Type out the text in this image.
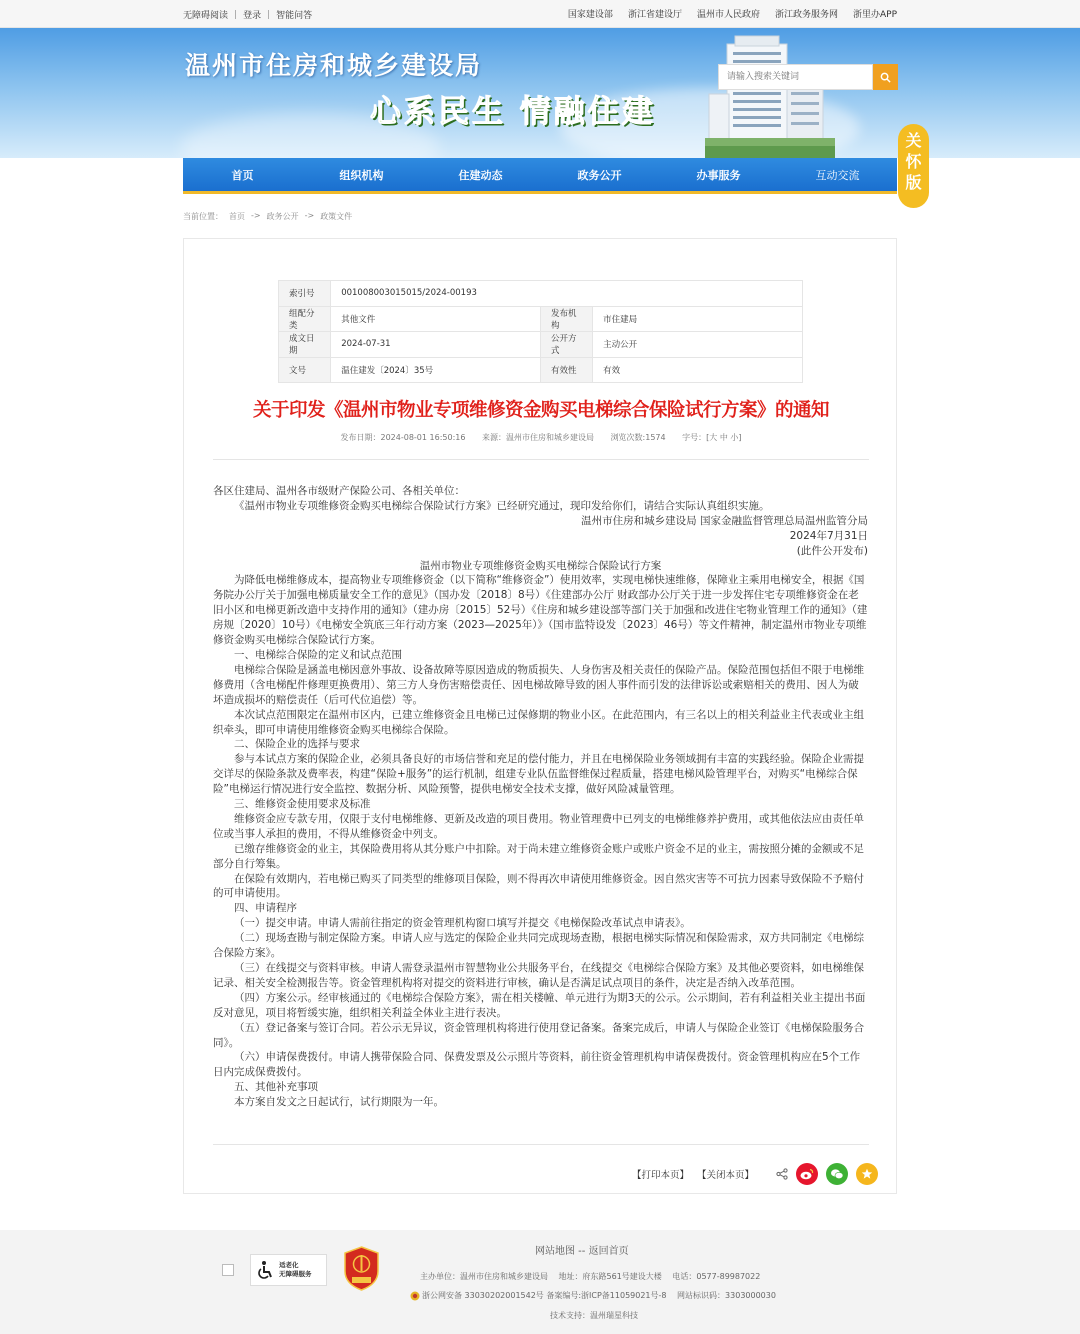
无障碍阅读 | 登录 | 智能问答	国家建设部 浙江省建设厅 温州市人民政府 浙江政务服务网 浙里办APP
温州市住房和城乡建设局
心系民生 情融住建
请输入搜索关键词
首页	组织机构	住建动态	政务公开	办事服务	互动交流
关怀版
当前位置： 首页 -> 政务公开 -> 政策文件
索引号	001008003015015/2024-00193		
组配分类	其他文件	发布机构	市住建局
成文日期	2024-07-31	公开方式	主动公开
文号	温住建发〔2024〕35号	有效性	有效
关于印发《温州市物业专项维修资金购买电梯综合保险试行方案》的通知
发布日期：2024-08-01 16:50:16 来源：温州市住房和城乡建设局 浏览次数:1574 字号：[大 中 小]

各区住建局、温州各市级财产保险公司、各相关单位：

《温州市物业专项维修资金购买电梯综合保险试行方案》已经研究通过，现印发给你们，请结合实际认真组织实施。

温州市住房和城乡建设局 国家金融监督管理总局温州监管分局

2024年7月31日

(此件公开发布)

温州市物业专项维修资金购买电梯综合保险试行方案

为降低电梯维修成本，提高物业专项维修资金（以下简称“维修资金”）使用效率，实现电梯快速维修，保障业主乘用电梯安全，根据《国务院办公厅关于加强电梯质量安全工作的意见》（国办发〔2018〕8号）《住建部办公厅 财政部办公厅关于进一步发挥住宅专项维修资金在老旧小区和电梯更新改造中支持作用的通知》（建办房〔2015〕52号）《住房和城乡建设部等部门关于加强和改进住宅物业管理工作的通知》（建房规〔2020〕10号）《电梯安全筑底三年行动方案（2023—2025年）》（国市监特设发〔2023〕46号）等文件精神，制定温州市物业专项维修资金购买电梯综合保险试行方案。

一、电梯综合保险的定义和试点范围

电梯综合保险是涵盖电梯因意外事故、设备故障等原因造成的物质损失、人身伤害及相关责任的保险产品。保险范围包括但不限于电梯维修费用（含电梯配件修理更换费用）、第三方人身伤害赔偿责任、因电梯故障导致的困人事件而引发的法律诉讼或索赔相关的费用、因人为破坏造成损坏的赔偿责任（后可代位追偿）等。

本次试点范围限定在温州市区内，已建立维修资金且电梯已过保修期的物业小区。在此范围内，有三名以上的相关利益业主代表或业主组织牵头，即可申请使用维修资金购买电梯综合保险。

二、保险企业的选择与要求

参与本试点方案的保险企业，必须具备良好的市场信誉和充足的偿付能力，并且在电梯保险业务领域拥有丰富的实践经验。保险企业需提交详尽的保险条款及费率表，构建“保险+服务”的运行机制，组建专业队伍监督维保过程质量，搭建电梯风险管理平台，对购买“电梯综合保险”电梯运行情况进行安全监控、数据分析、风险预警，提供电梯安全技术支撑，做好风险减量管理。

三、维修资金使用要求及标准

维修资金应专款专用，仅限于支付电梯维修、更新及改造的项目费用。物业管理费中已列支的电梯维修养护费用，或其他依法应由责任单位或当事人承担的费用，不得从维修资金中列支。

已缴存维修资金的业主，其保险费用将从其分账户中扣除。对于尚未建立维修资金账户或账户资金不足的业主，需按照分摊的金额或不足部分自行筹集。

在保险有效期内，若电梯已购买了同类型的维修项目保险，则不得再次申请使用维修资金。因自然灾害等不可抗力因素导致保险不予赔付的可申请使用。

四、申请程序

（一）提交申请。申请人需前往指定的资金管理机构窗口填写并提交《电梯保险改革试点申请表》。

（二）现场查勘与制定保险方案。申请人应与选定的保险企业共同完成现场查勘，根据电梯实际情况和保险需求，双方共同制定《电梯综合保险方案》。

（三）在线提交与资料审核。申请人需登录温州市智慧物业公共服务平台，在线提交《电梯综合保险方案》及其他必要资料，如电梯维保记录、相关安全检测报告等。资金管理机构将对提交的资料进行审核，确认是否满足试点项目的条件，决定是否纳入改革范围。

（四）方案公示。经审核通过的《电梯综合保险方案》，需在相关楼幢、单元进行为期3天的公示。公示期间，若有利益相关业主提出书面反对意见，项目将暂缓实施，组织相关利益全体业主进行表决。

（五）登记备案与签订合同。若公示无异议，资金管理机构将进行使用登记备案。备案完成后，申请人与保险企业签订《电梯保险服务合同》。

（六）申请保费拨付。申请人携带保险合同、保费发票及公示照片等资料，前往资金管理机构申请保费拨付。资金管理机构应在5个工作日内完成保费拨付。

五、其他补充事项

本方案自发文之日起试行，试行期限为一年。

【打印本页】 【关闭本页】
网站地图 -- 返回首页
适老化
无障碍服务	主办单位：温州市住房和城乡建设局　 地址：府东路561号建设大楼　 电话：0577-89987022
浙公网安备 33030202001542号 备案编号:浙ICP备11059021号-8　 网站标识码：3303000030
技术支持：温州瑞星科技
